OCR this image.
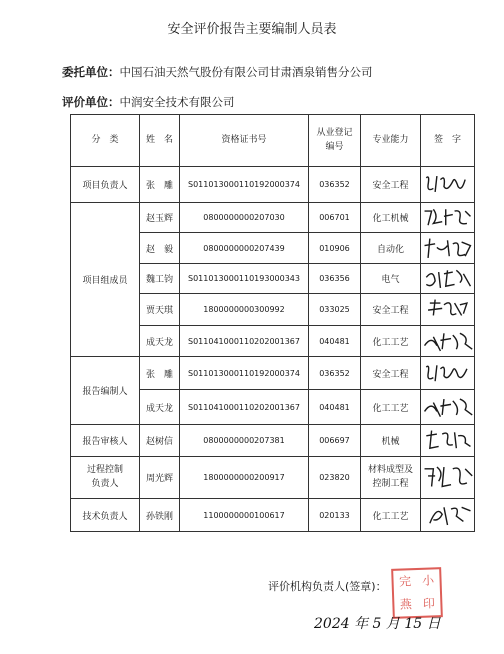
安全评价报告主要编制人员表
委托单位：中国石油天然气股份有限公司甘肃酒泉销售分公司
评价单位：中润安全技术有限公司
分　类	姓　名	资格证书号	从业登记
编号	专业能力	签　字
项目负责人	张　雕	S011013000110192000374	036352	安全工程	

项目组成员	赵玉辉	0800000000207030	006701	化工机械	

	赵　毅	0800000000207439	010906	自动化	

	魏工钧	S011013000110193000343	036356	电气	

	贾天琪	1800000000300992	033025	安全工程	

	成天龙	S011041000110202001367	040481	化工工艺	

报告编制人	张　雕	S011013000110192000374	036352	安全工程	

	成天龙	S011041000110202001367	040481	化工工艺	

报告审核人	赵树信	0800000000207381	006697	机械	

过程控制
负责人	周光辉	1800000000200917	023820	材料成型及
控制工程	

技术负责人	孙铁刚	1100000000100617	020133	化工工艺	
评价机构负责人(签章)：	完 小
燕 印
2024 年 5 月 15 日
